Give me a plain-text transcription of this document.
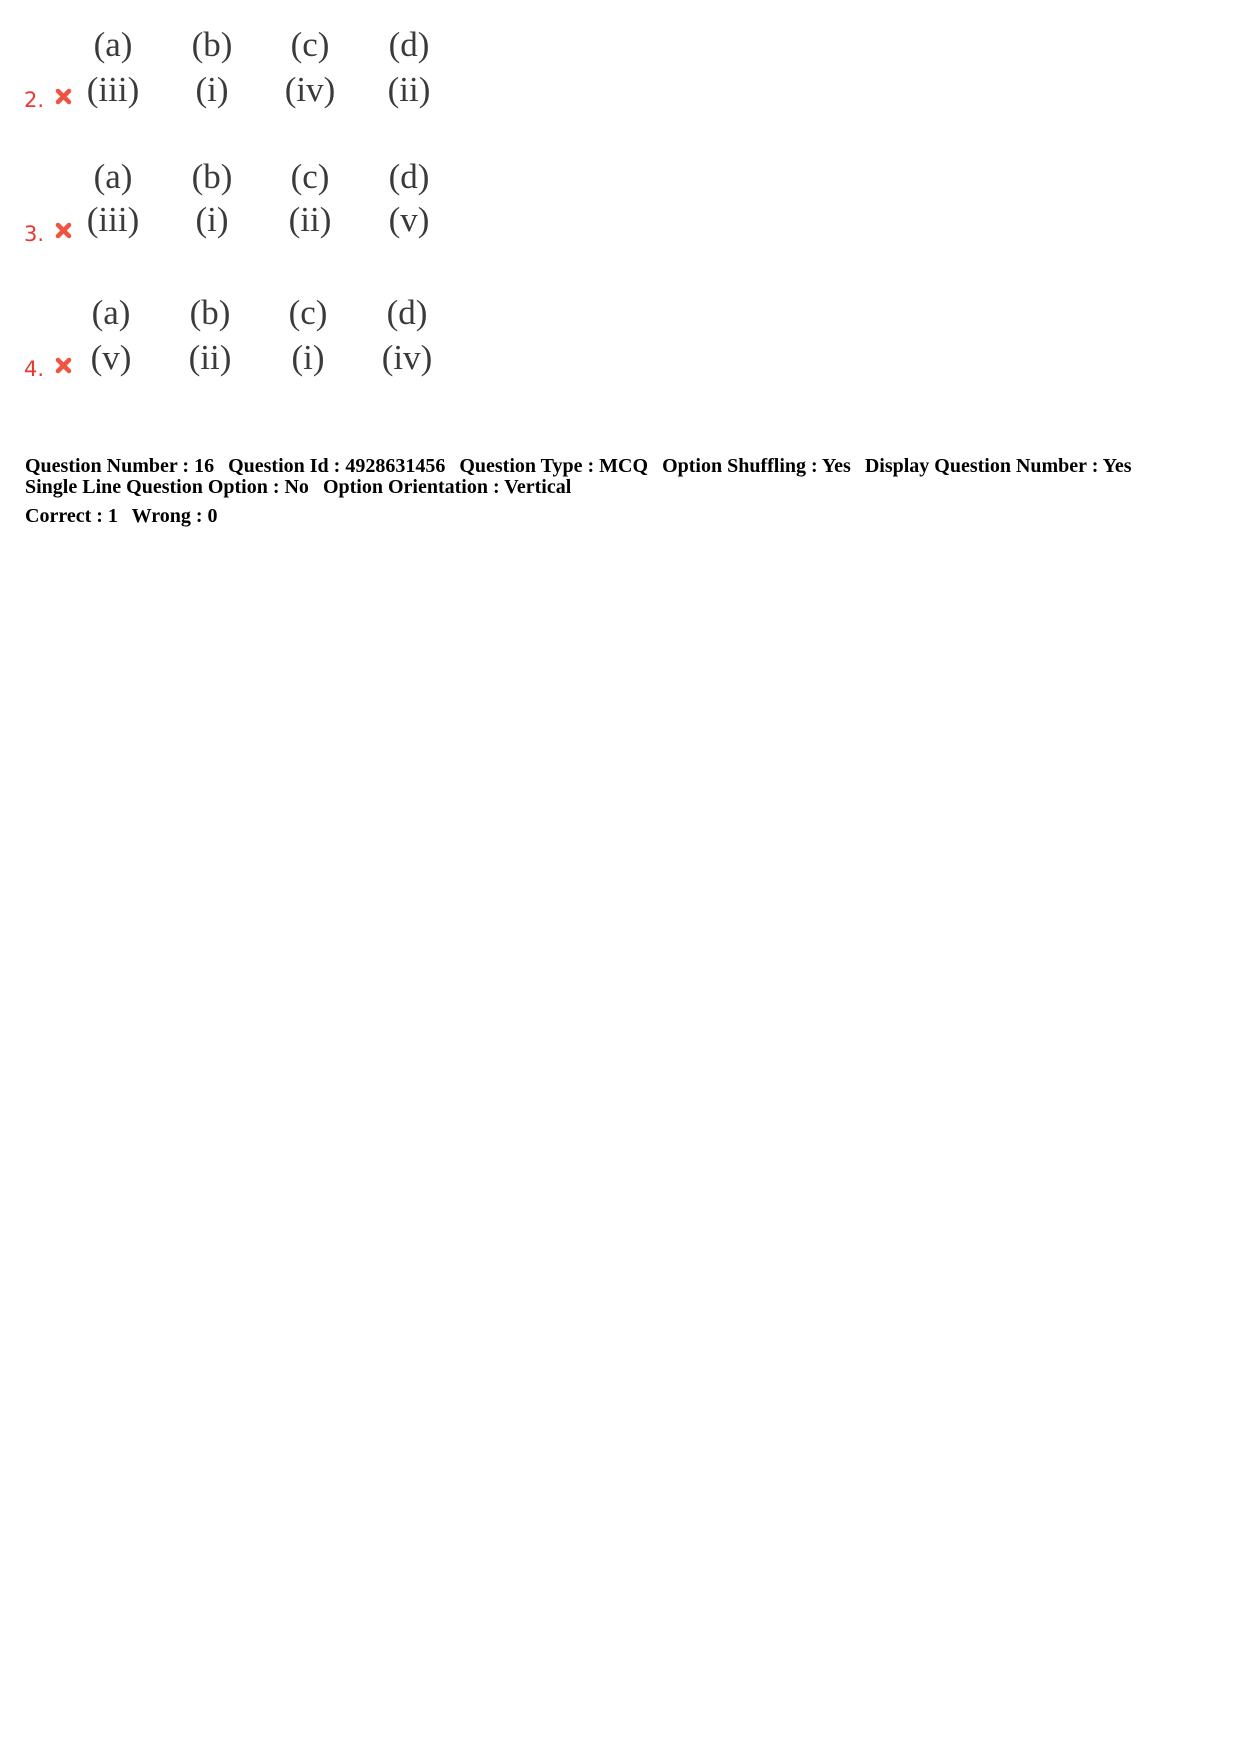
(a)	(b)	(c)	(d)
2.	(iii)	(i)	(iv)	(ii)
(a)	(b)	(c)	(d)
3.	(iii)	(i)	(ii)	(v)
(a)	(b)	(c)	(d)
4.	(v)	(ii)	(i)	(iv)
Question Number : 16 Question Id : 4928631456 Question Type : MCQ Option Shuffling : Yes Display Question Number : Yes
Single Line Question Option : No Option Orientation : Vertical
Correct : 1 Wrong : 0
